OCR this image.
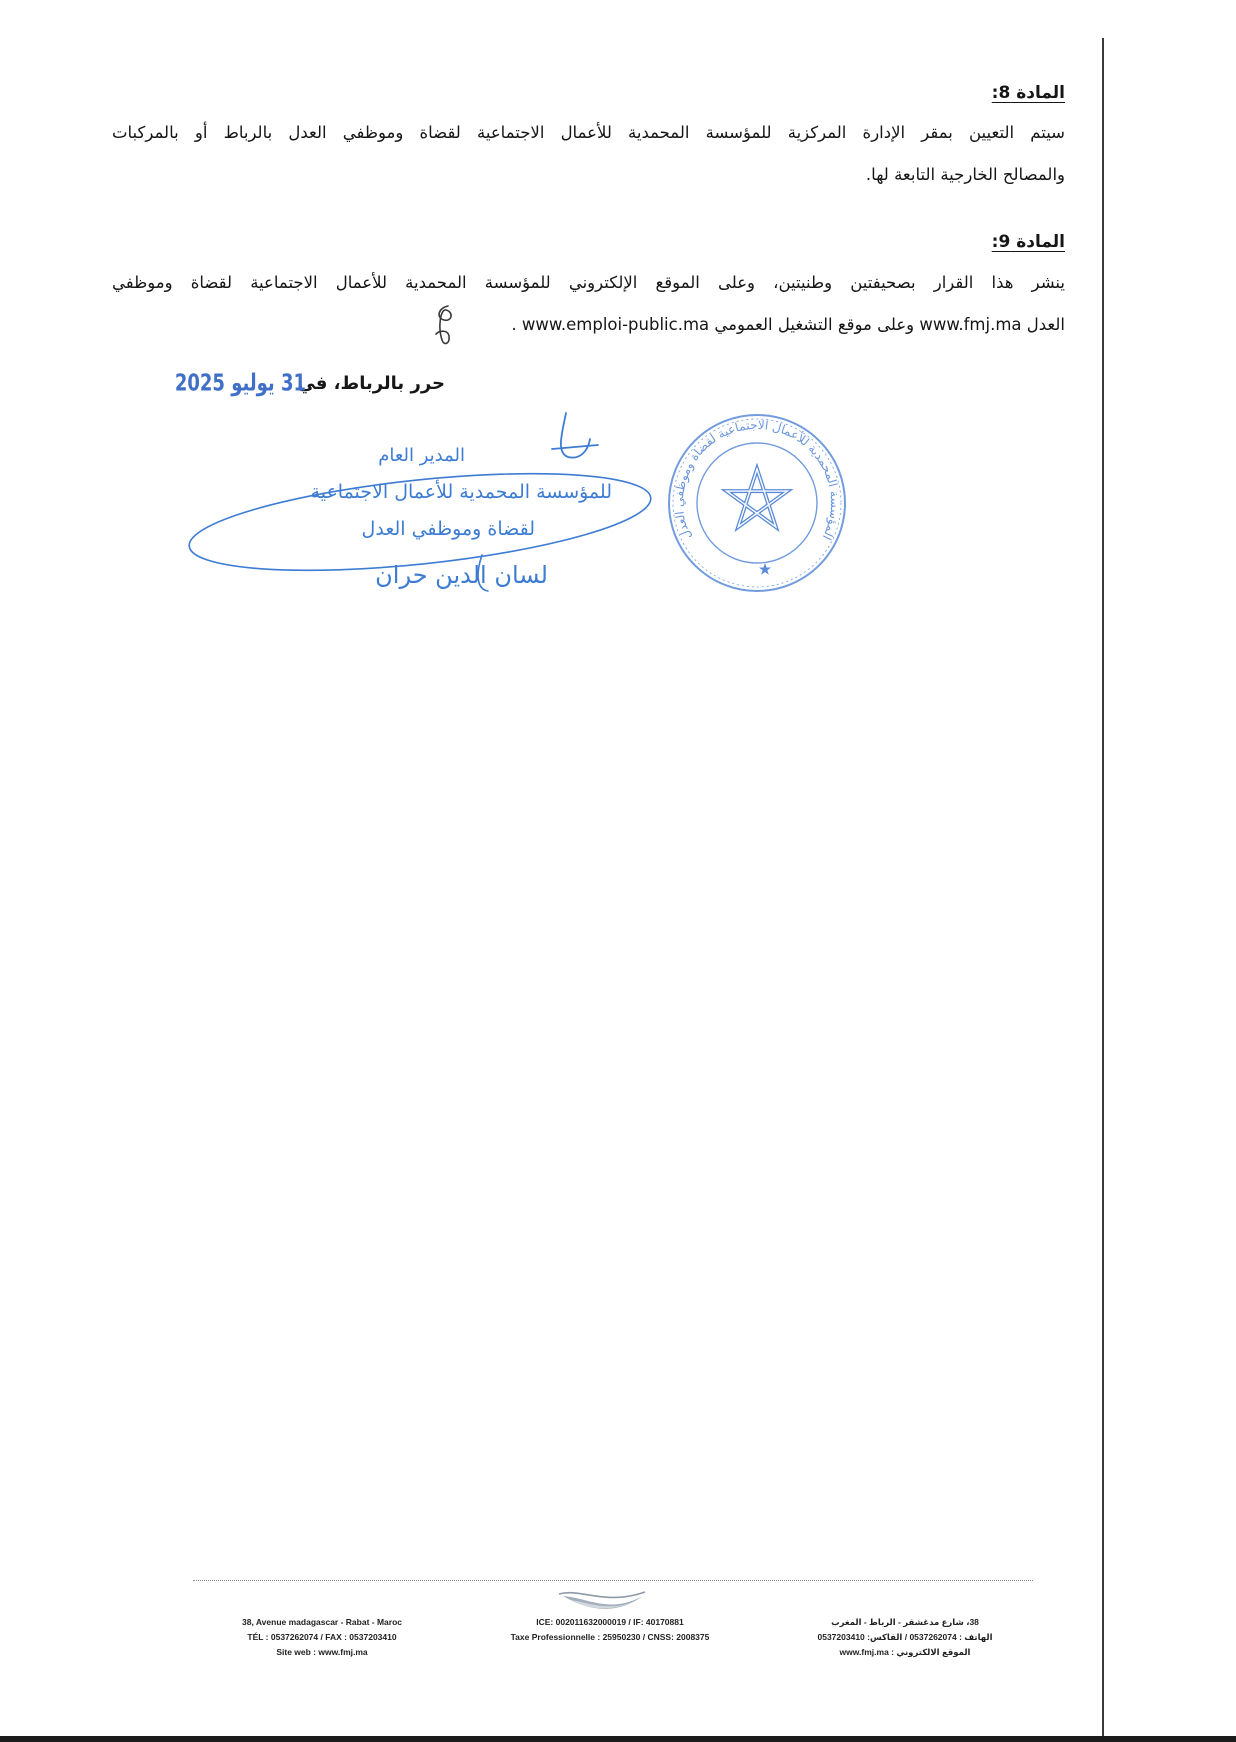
المادة 8:
سيتم التعيين بمقر الإدارة المركزية للمؤسسة المحمدية للأعمال الاجتماعية لقضاة وموظفي العدل بالرباط أو بالمركبات
والمصالح الخارجية التابعة لها.
المادة 9:
ينشر هذا القرار بصحيفتين وطنيتين، وعلى الموقع الإلكتروني للمؤسسة المحمدية للأعمال الاجتماعية لقضاة وموظفي
العدل www.fmj.ma وعلى موقع التشغيل العمومي www.emploi-public.ma .
حرر بالرباط، في
31 يوليو 2025
المدير العام
للمؤسسة المحمدية للأعمال الاجتماعية
لقضاة وموظفي العدل
لسان الدين حران
المؤسسة المحمدية للأعمال الاجتماعية لقضاة وموظفي العدل
38, Avenue madagascar - Rabat - Maroc
TÉL : 0537262074 / FAX : 0537203410
Site web : www.fmj.ma
ICE: 002011632000019 / IF: 40170881
Taxe Professionnelle : 25950230 / CNSS: 2008375
38، شارع مدغشقر - الرباط - المغرب
الهاتف : 0537262074 / الفاكس: 0537203410
الموقع الالكتروني : www.fmj.ma
